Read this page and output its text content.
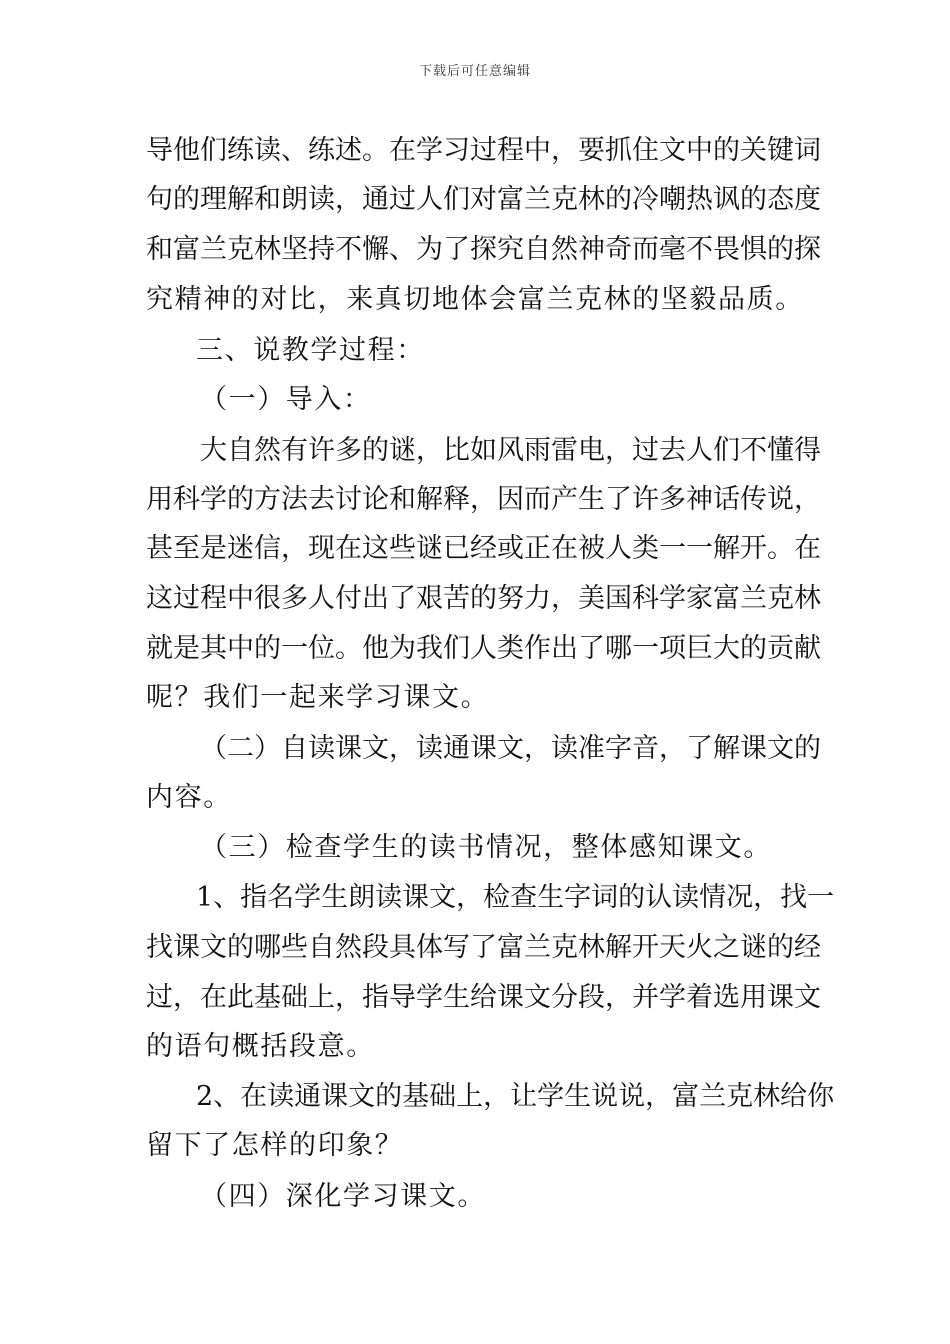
下载后可任意编辑
导他们练读、练述。在学习过程中，要抓住文中的关键词
句的理解和朗读，通过人们对富兰克林的冷嘲热讽的态度
和富兰克林坚持不懈、为了探究自然神奇而毫不畏惧的探
究精神的对比，来真切地体会富兰克林的坚毅品质。
三、说教学过程：
（一）导入：
大自然有许多的谜，比如风雨雷电，过去人们不懂得
用科学的方法去讨论和解释，因而产生了许多神话传说，
甚至是迷信，现在这些谜已经或正在被人类一一解开。在
这过程中很多人付出了艰苦的努力，美国科学家富兰克林
就是其中的一位。他为我们人类作出了哪一项巨大的贡献
呢？我们一起来学习课文。
（二）自读课文，读通课文，读准字音，了解课文的
内容。
（三）检查学生的读书情况，整体感知课文。
1、指名学生朗读课文，检查生字词的认读情况，找一
找课文的哪些自然段具体写了富兰克林解开天火之谜的经
过，在此基础上，指导学生给课文分段，并学着选用课文
的语句概括段意。
2、在读通课文的基础上，让学生说说，富兰克林给你
留下了怎样的印象？
（四）深化学习课文。
